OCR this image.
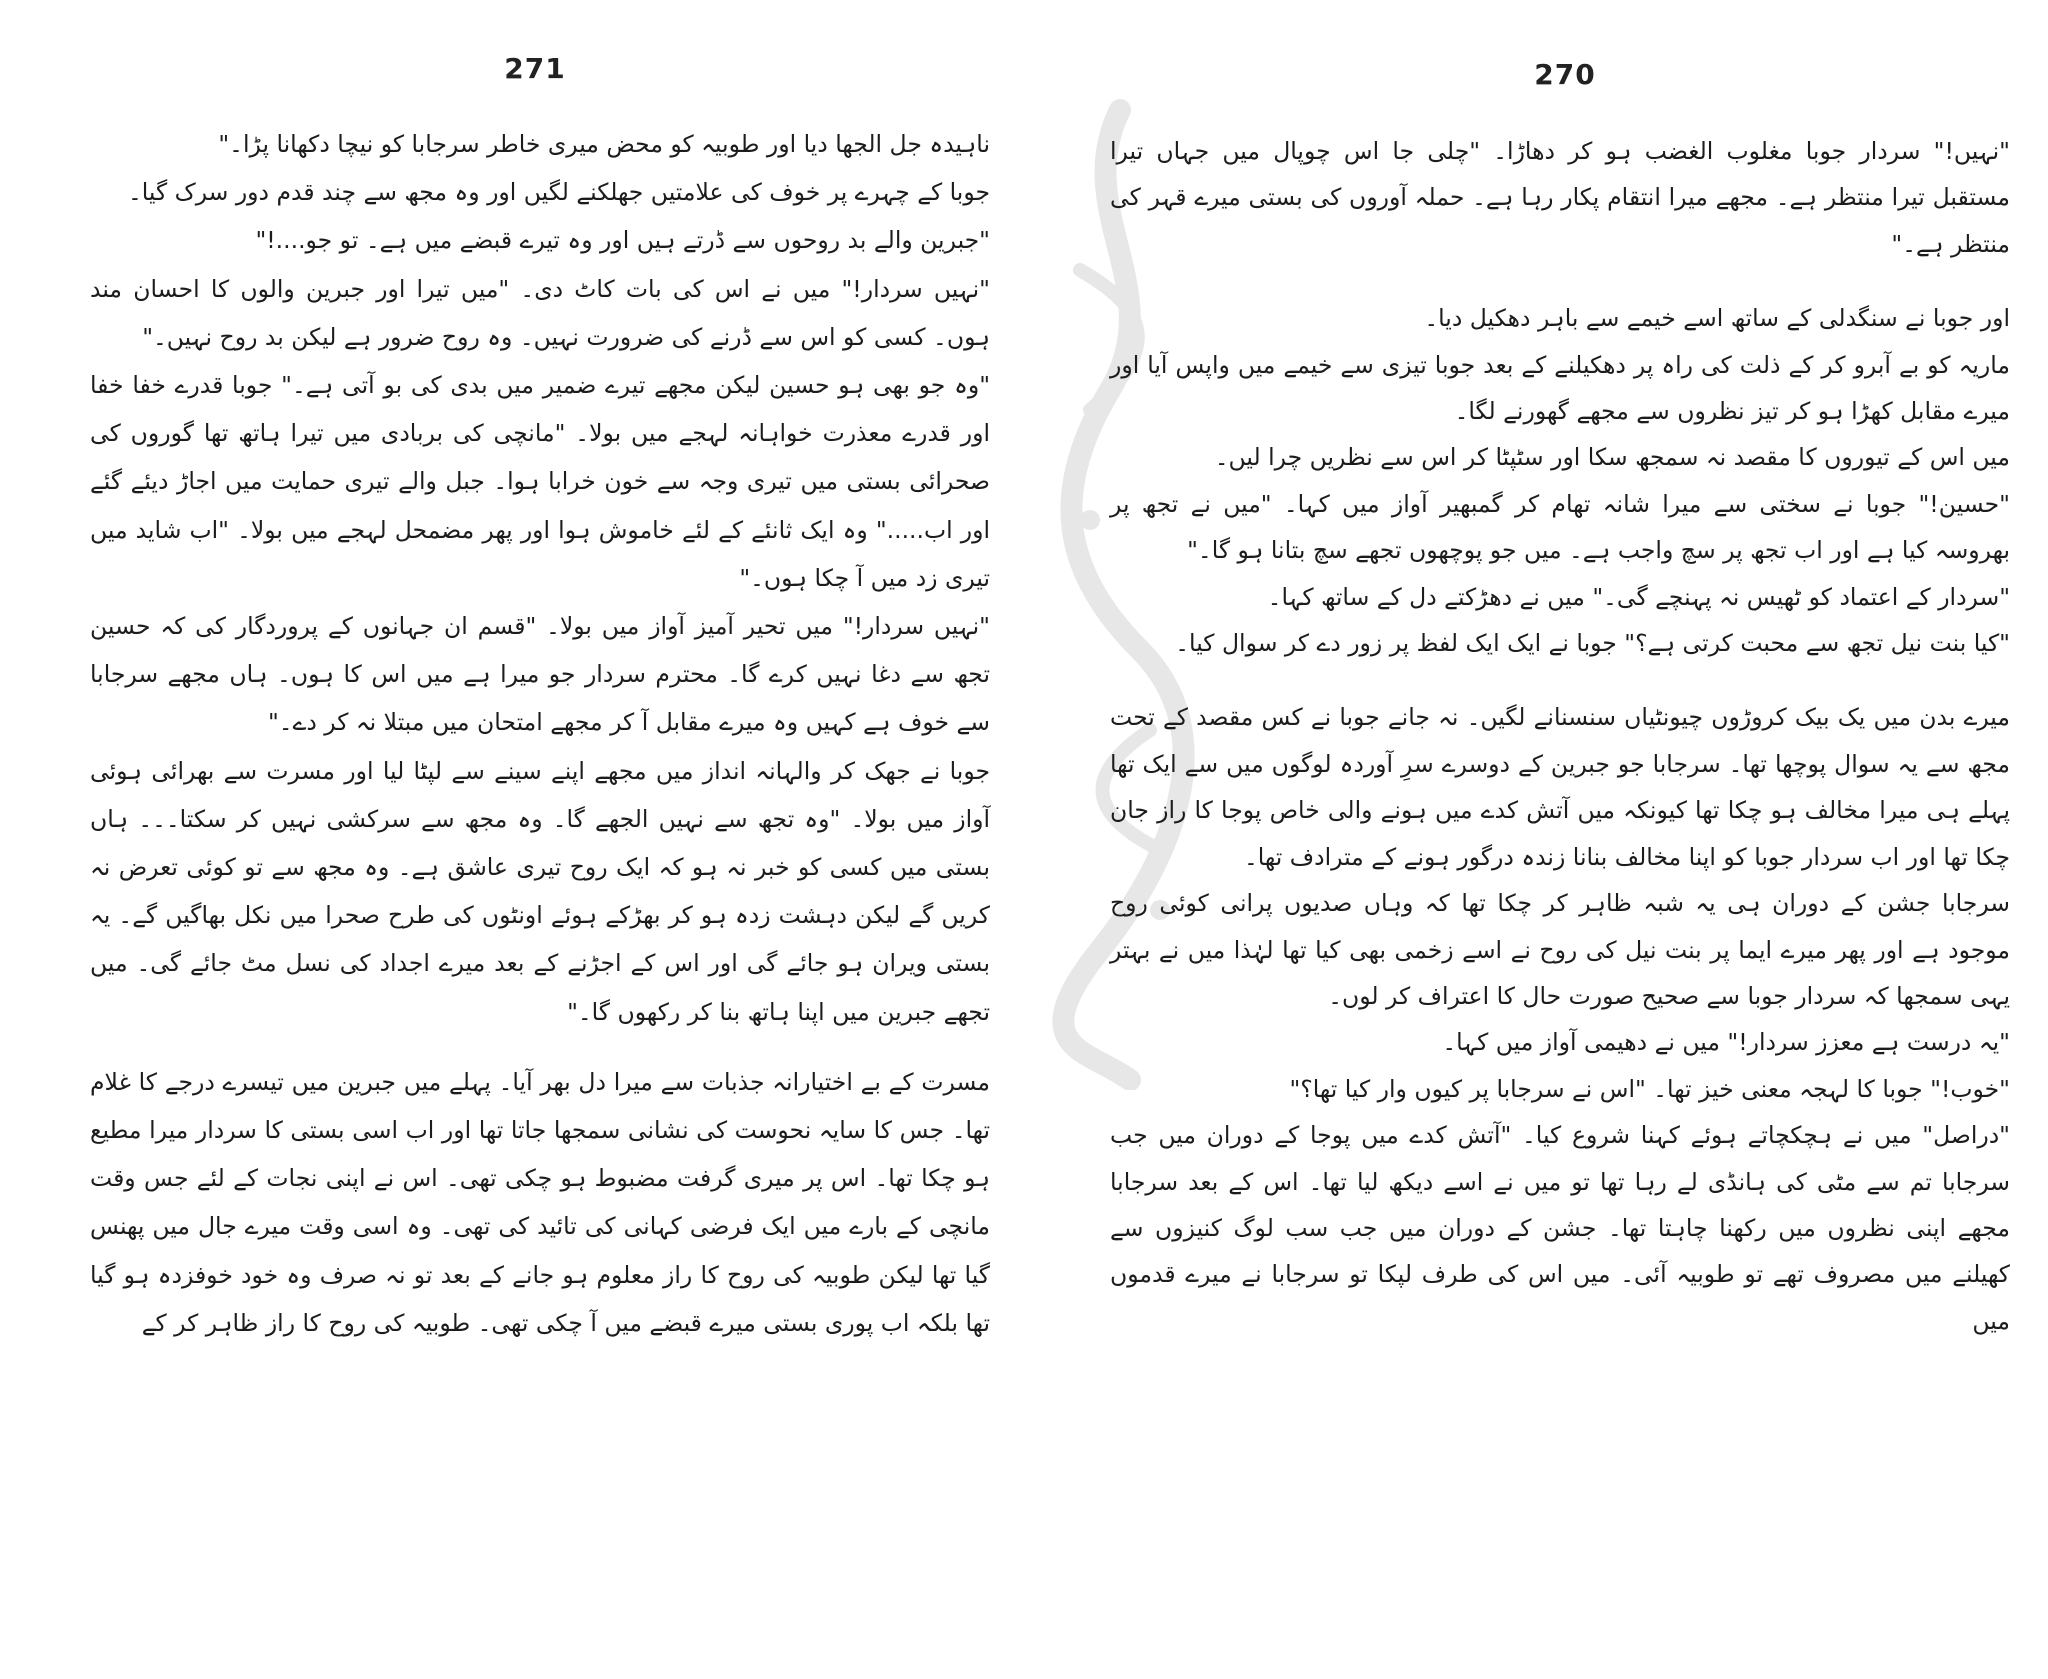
271

ناہیدہ جل الجھا دیا اور طوبیہ کو محض میری خاطر سرجابا کو نیچا دکھانا پڑا۔"

جوبا کے چہرے پر خوف کی علامتیں جھلکنے لگیں اور وہ مجھ سے چند قدم دور سرک گیا۔

"جبرین والے بد روحوں سے ڈرتے ہیں اور وہ تیرے قبضے میں ہے۔ تو جو....!"

"نہیں سردار!" میں نے اس کی بات کاٹ دی۔ "میں تیرا اور جبرین والوں کا احسان مند ہوں۔ کسی کو اس سے ڈرنے کی ضرورت نہیں۔ وہ روح ضرور ہے لیکن بد روح نہیں۔"

"وہ جو بھی ہو حسین لیکن مجھے تیرے ضمیر میں بدی کی بو آتی ہے۔" جوبا قدرے خفا خفا اور قدرے معذرت خواہانہ لہجے میں بولا۔ "مانچی کی بربادی میں تیرا ہاتھ تھا گوروں کی صحرائی بستی میں تیری وجہ سے خون خرابا ہوا۔ جبل والے تیری حمایت میں اجاڑ دیئے گئے اور اب....." وہ ایک ثانئے کے لئے خاموش ہوا اور پھر مضمحل لہجے میں بولا۔ "اب شاید میں تیری زد میں آ چکا ہوں۔"

"نہیں سردار!" میں تحیر آمیز آواز میں بولا۔ "قسم ان جہانوں کے پروردگار کی کہ حسین تجھ سے دغا نہیں کرے گا۔ محترم سردار جو میرا ہے میں اس کا ہوں۔ ہاں مجھے سرجابا سے خوف ہے کہیں وہ میرے مقابل آ کر مجھے امتحان میں مبتلا نہ کر دے۔"

جوبا نے جھک کر والہانہ انداز میں مجھے اپنے سینے سے لپٹا لیا اور مسرت سے بھرائی ہوئی آواز میں بولا۔ "وہ تجھ سے نہیں الجھے گا۔ وہ مجھ سے سرکشی نہیں کر سکتا۔۔۔ ہاں بستی میں کسی کو خبر نہ ہو کہ ایک روح تیری عاشق ہے۔ وہ مجھ سے تو کوئی تعرض نہ کریں گے لیکن دہشت زدہ ہو کر بھڑکے ہوئے اونٹوں کی طرح صحرا میں نکل بھاگیں گے۔ یہ بستی ویران ہو جائے گی اور اس کے اجڑنے کے بعد میرے اجداد کی نسل مٹ جائے گی۔ میں تجھے جبرین میں اپنا ہاتھ بنا کر رکھوں گا۔"

مسرت کے بے اختیارانہ جذبات سے میرا دل بھر آیا۔ پہلے میں جبرین میں تیسرے درجے کا غلام تھا۔ جس کا سایہ نحوست کی نشانی سمجھا جاتا تھا اور اب اسی بستی کا سردار میرا مطیع ہو چکا تھا۔ اس پر میری گرفت مضبوط ہو چکی تھی۔ اس نے اپنی نجات کے لئے جس وقت مانچی کے بارے میں ایک فرضی کہانی کی تائید کی تھی۔ وہ اسی وقت میرے جال میں پھنس گیا تھا لیکن طوبیہ کی روح کا راز معلوم ہو جانے کے بعد تو نہ صرف وہ خود خوفزدہ ہو گیا تھا بلکہ اب پوری بستی میرے قبضے میں آ چکی تھی۔ طوبیہ کی روح کا راز ظاہر کر کے

270

"نہیں!" سردار جوبا مغلوب الغضب ہو کر دھاڑا۔ "چلی جا اس چوپال میں جہاں تیرا مستقبل تیرا منتظر ہے۔ مجھے میرا انتقام پکار رہا ہے۔ حملہ آوروں کی بستی میرے قہر کی منتظر ہے۔"

اور جوبا نے سنگدلی کے ساتھ اسے خیمے سے باہر دھکیل دیا۔

ماریہ کو بے آبرو کر کے ذلت کی راہ پر دھکیلنے کے بعد جوبا تیزی سے خیمے میں واپس آیا اور میرے مقابل کھڑا ہو کر تیز نظروں سے مجھے گھورنے لگا۔

میں اس کے تیوروں کا مقصد نہ سمجھ سکا اور سٹپٹا کر اس سے نظریں چرا لیں۔

"حسین!" جوبا نے سختی سے میرا شانہ تھام کر گمبھیر آواز میں کہا۔ "میں نے تجھ پر بھروسہ کیا ہے اور اب تجھ پر سچ واجب ہے۔ میں جو پوچھوں تجھے سچ بتانا ہو گا۔"

"سردار کے اعتماد کو ٹھیس نہ پہنچے گی۔" میں نے دھڑکتے دل کے ساتھ کہا۔

"کیا بنت نیل تجھ سے محبت کرتی ہے؟" جوبا نے ایک ایک لفظ پر زور دے کر سوال کیا۔

میرے بدن میں یک بیک کروڑوں چیونٹیاں سنسنانے لگیں۔ نہ جانے جوبا نے کس مقصد کے تحت مجھ سے یہ سوال پوچھا تھا۔ سرجابا جو جبرین کے دوسرے سرِ آوردہ لوگوں میں سے ایک تھا پہلے ہی میرا مخالف ہو چکا تھا کیونکہ میں آتش کدے میں ہونے والی خاص پوجا کا راز جان چکا تھا اور اب سردار جوبا کو اپنا مخالف بنانا زندہ درگور ہونے کے مترادف تھا۔

سرجابا جشن کے دوران ہی یہ شبہ ظاہر کر چکا تھا کہ وہاں صدیوں پرانی کوئی روح موجود ہے اور پھر میرے ایما پر بنت نیل کی روح نے اسے زخمی بھی کیا تھا لہٰذا میں نے بہتر یہی سمجھا کہ سردار جوبا سے صحیح صورت حال کا اعتراف کر لوں۔

"یہ درست ہے معزز سردار!" میں نے دھیمی آواز میں کہا۔

"خوب!" جوبا کا لہجہ معنی خیز تھا۔ "اس نے سرجابا پر کیوں وار کیا تھا؟"

"دراصل" میں نے ہچکچاتے ہوئے کہنا شروع کیا۔ "آتش کدے میں پوجا کے دوران میں جب سرجابا تم سے مٹی کی ہانڈی لے رہا تھا تو میں نے اسے دیکھ لیا تھا۔ اس کے بعد سرجابا مجھے اپنی نظروں میں رکھنا چاہتا تھا۔ جشن کے دوران میں جب سب لوگ کنیزوں سے کھیلنے میں مصروف تھے تو طوبیہ آئی۔ میں اس کی طرف لپکا تو سرجابا نے میرے قدموں میں
